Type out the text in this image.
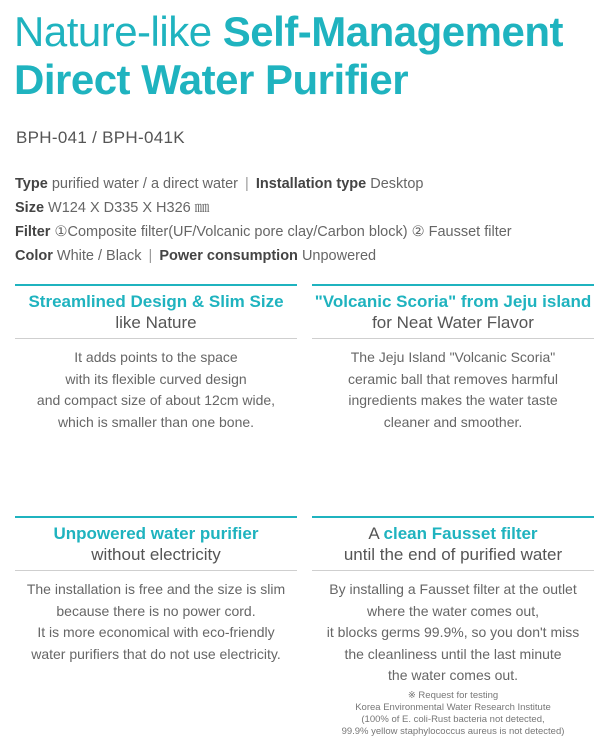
Nature-like Self-Management
Direct Water Purifier
BPH-041 / BPH-041K
Type purified water / a direct water | Installation type Desktop
Size W124 X D335 X H326 ㎜
Filter ①Composite filter(UF/Volcanic pore clay/Carbon block) ② Fausset filter
Color White / Black | Power consumption Unpowered
Streamlined Design & Slim Size
like Nature
It adds points to the space
with its flexible curved design
and compact size of about 12cm wide,
which is smaller than one bone.
"Volcanic Scoria" from Jeju island
for Neat Water Flavor
The Jeju Island "Volcanic Scoria"
ceramic ball that removes harmful
ingredients makes the water taste
cleaner and smoother.
Unpowered water purifier
without electricity
The installation is free and the size is slim
because there is no power cord.
It is more economical with eco-friendly
water purifiers that do not use electricity.
A clean Fausset filter
until the end of purified water
By installing a Fausset filter at the outlet
where the water comes out,
it blocks germs 99.9%, so you don't miss
the cleanliness until the last minute
the water comes out.
※ Request for testing
Korea Environmental Water Research Institute
(100% of E. coli-Rust bacteria not detected,
99.9% yellow staphylococcus aureus is not detected)
